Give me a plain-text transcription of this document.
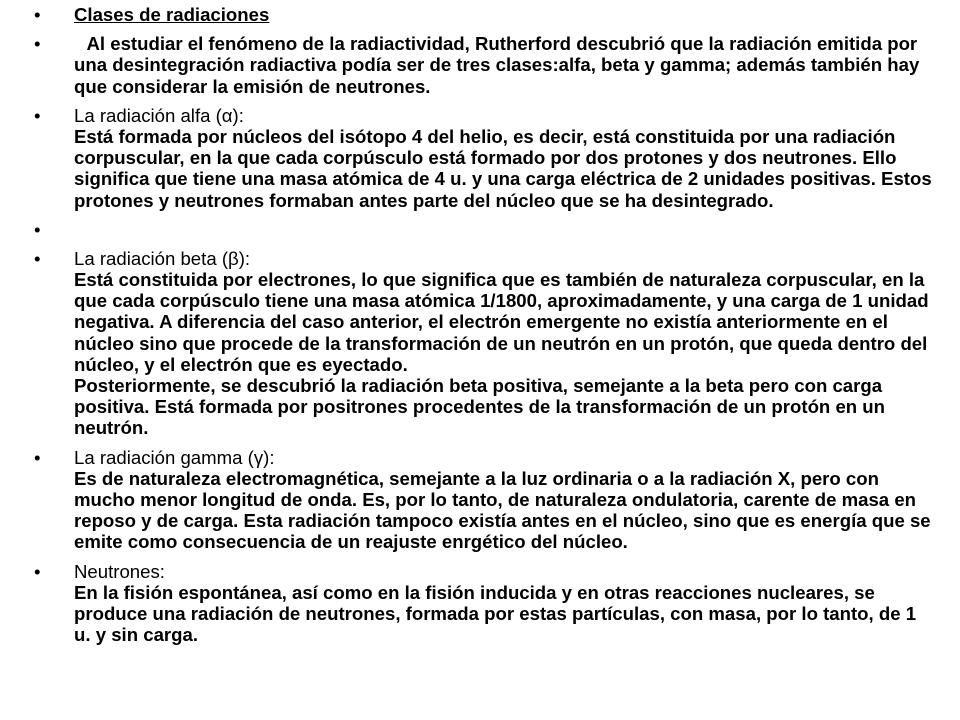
• Clases de radiaciones
• Al estudiar el fenómeno de la radiactividad, Rutherford descubrió que la radiación emitida por una desintegración radiactiva podía ser de tres clases:alfa, beta y gamma; además también hay que considerar la emisión de neutrones.
• La radiación alfa (α):
Está formada por núcleos del isótopo 4 del helio, es decir, está constituida por una radiación corpuscular, en la que cada corpúsculo está formado por dos protones y dos neutrones. Ello significa que tiene una masa atómica de 4 u. y una carga eléctrica de 2 unidades positivas. Estos protones y neutrones formaban antes parte del núcleo que se ha desintegrado.
•
• La radiación beta (β):
Está constituida por electrones, lo que significa que es también de naturaleza corpuscular, en la que cada corpúsculo tiene una masa atómica 1/1800, aproximadamente, y una carga de 1 unidad negativa. A diferencia del caso anterior, el electrón emergente no existía anteriormente en el núcleo sino que procede de la transformación de un neutrón en un protón, que queda dentro del núcleo, y el electrón que es eyectado.
Posteriormente, se descubrió la radiación beta positiva, semejante a la beta pero con carga positiva. Está formada por positrones procedentes de la transformación de un protón en un neutrón.
• La radiación gamma (γ):
Es de naturaleza electromagnética, semejante a la luz ordinaria o a la radiación X, pero con mucho menor longitud de onda. Es, por lo tanto, de naturaleza ondulatoria, carente de masa en reposo y de carga. Esta radiación tampoco existía antes en el núcleo, sino que es energía que se emite como consecuencia de un reajuste enrgético del núcleo.
• Neutrones:
En la fisión espontánea, así como en la fisión inducida y en otras reacciones nucleares, se produce una radiación de neutrones, formada por estas partículas, con masa, por lo tanto, de 1 u. y sin carga.
